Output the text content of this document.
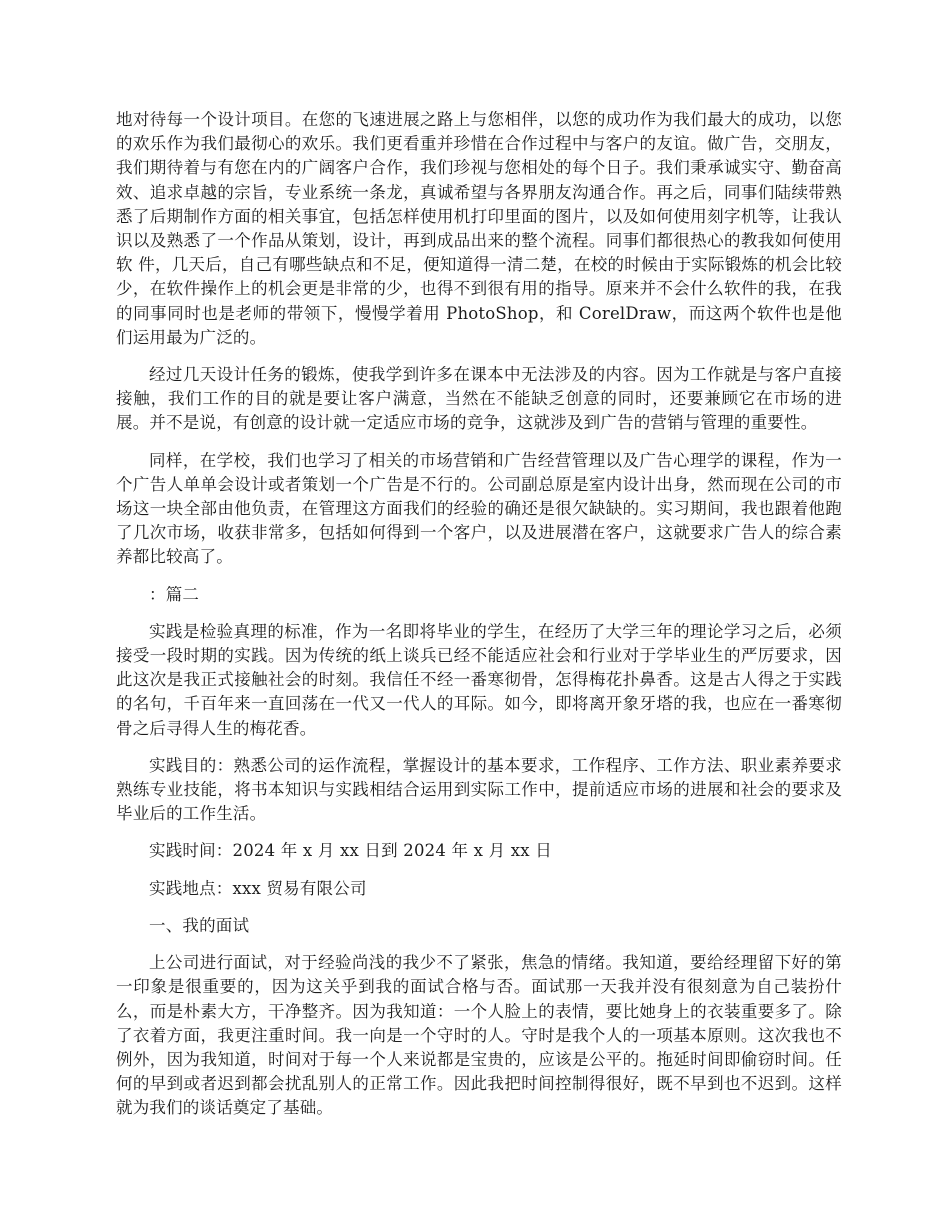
地对待每一个设计项目。在您的飞速进展之路上与您相伴，以您的成功作为我们最大的成功，以您的欢乐作为我们最彻心的欢乐。我们更看重并珍惜在合作过程中与客户的友谊。做广告，交朋友，我们期待着与有您在内的广阔客户合作，我们珍视与您相处的每个日子。我们秉承诚实守、勤奋高效、追求卓越的宗旨，专业系统一条龙，真诚希望与各界朋友沟通合作。再之后，同事们陆续带熟悉了后期制作方面的相关事宜，包括怎样使用机打印里面的图片，以及如何使用刻字机等，让我认识以及熟悉了一个作品从策划，设计，再到成品出来的整个流程。同事们都很热心的教我如何使用软 件，几天后，自己有哪些缺点和不足，便知道得一清二楚，在校的时候由于实际锻炼的机会比较少，在软件操作上的机会更是非常的少，也得不到很有用的指导。原来并不会什么软件的我，在我的同事同时也是老师的带领下，慢慢学着用 PhotoShop，和 CorelDraw，而这两个软件也是他们运用最为广泛的。

经过几天设计任务的锻炼，使我学到许多在课本中无法涉及的内容。因为工作就是与客户直接接触，我们工作的目的就是要让客户满意，当然在不能缺乏创意的同时，还要兼顾它在市场的进展。并不是说，有创意的设计就一定适应市场的竞争，这就涉及到广告的营销与管理的重要性。

同样，在学校，我们也学习了相关的市场营销和广告经营管理以及广告心理学的课程，作为一个广告人单单会设计或者策划一个广告是不行的。公司副总原是室内设计出身，然而现在公司的市场这一块全部由他负责，在管理这方面我们的经验的确还是很欠缺缺的。实习期间，我也跟着他跑了几次市场，收获非常多，包括如何得到一个客户，以及进展潜在客户，这就要求广告人的综合素养都比较高了。

：篇二

实践是检验真理的标准，作为一名即将毕业的学生，在经历了大学三年的理论学习之后，必须接受一段时期的实践。因为传统的纸上谈兵已经不能适应社会和行业对于学毕业生的严厉要求，因此这次是我正式接触社会的时刻。我信任不经一番寒彻骨，怎得梅花扑鼻香。这是古人得之于实践的名句，千百年来一直回荡在一代又一代人的耳际。如今，即将离开象牙塔的我，也应在一番寒彻骨之后寻得人生的梅花香。

实践目的：熟悉公司的运作流程，掌握设计的基本要求，工作程序、工作方法、职业素养要求熟练专业技能，将书本知识与实践相结合运用到实际工作中，提前适应市场的进展和社会的要求及毕业后的工作生活。

实践时间：2024 年 x 月 xx 日到 2024 年 x 月 xx 日

实践地点：xxx 贸易有限公司

一、我的面试

上公司进行面试，对于经验尚浅的我少不了紧张，焦急的情绪。我知道，要给经理留下好的第一印象是很重要的，因为这关乎到我的面试合格与否。面试那一天我并没有很刻意为自己装扮什么，而是朴素大方，干净整齐。因为我知道：一个人脸上的表情，要比她身上的衣装重要多了。除了衣着方面，我更注重时间。我一向是一个守时的人。守时是我个人的一项基本原则。这次我也不例外，因为我知道，时间对于每一个人来说都是宝贵的，应该是公平的。拖延时间即偷窃时间。任何的早到或者迟到都会扰乱别人的正常工作。因此我把时间控制得很好，既不早到也不迟到。这样就为我们的谈话奠定了基础。
